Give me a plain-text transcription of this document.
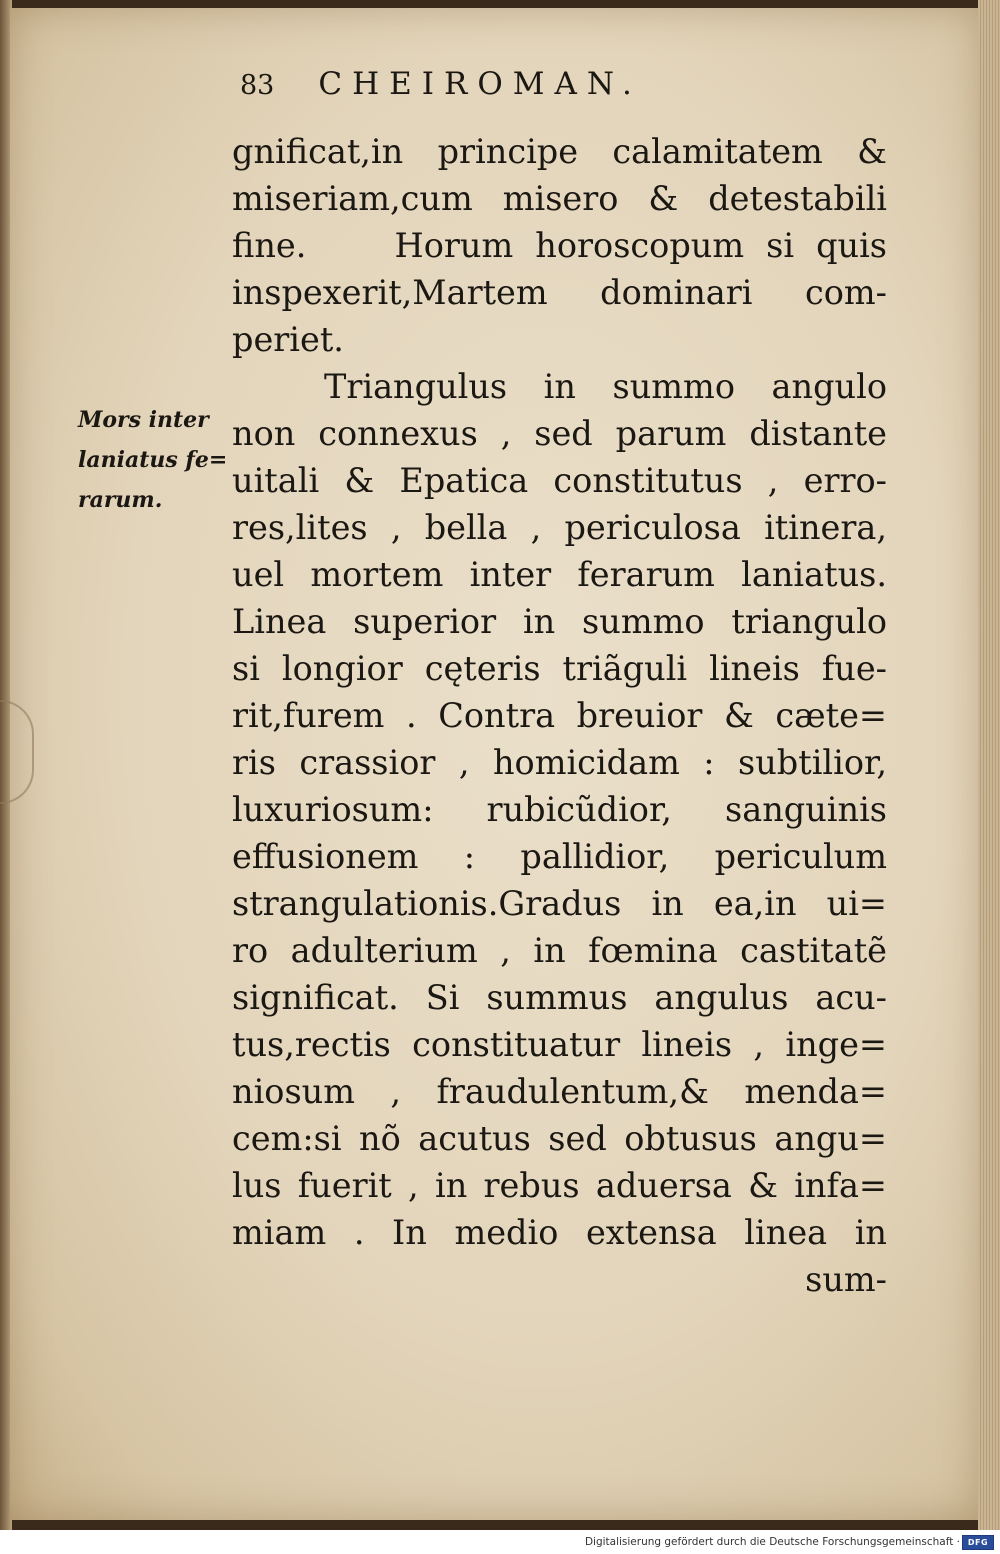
83 CHEIROMAN.
Mors inter
laniatus fe=
rarum.
gnificat,in principe calamitatem &
miseriam,cum misero & detestabili
fine.    Horum horoscopum si quis
inspexerit,Martem dominari com-
periet.
Triangulus in summo angulo
non connexus , sed parum distante
uitali & Epatica constitutus , erro-
res,lites , bella , periculosa itinera,
uel mortem inter ferarum laniatus.
Linea superior in summo triangulo
si longior cęteris triãguli lineis fue-
rit,furem . Contra breuior & cæte=
ris crassior , homicidam : subtilior,
luxuriosum: rubicũdior, sanguinis
effusionem : pallidior, periculum
strangulationis.Gradus in ea,in ui=
ro adulterium , in fœmina castitatẽ
significat. Si summus angulus acu-
tus,rectis constituatur lineis , inge=
niosum , fraudulentum,& menda=
cem:si nõ acutus sed obtusus angu=
lus fuerit , in rebus aduersa & infa=
miam . In medio extensa linea in
sum-
Digitalisierung gefördert durch die Deutsche Forschungsgemeinschaft · DFG
